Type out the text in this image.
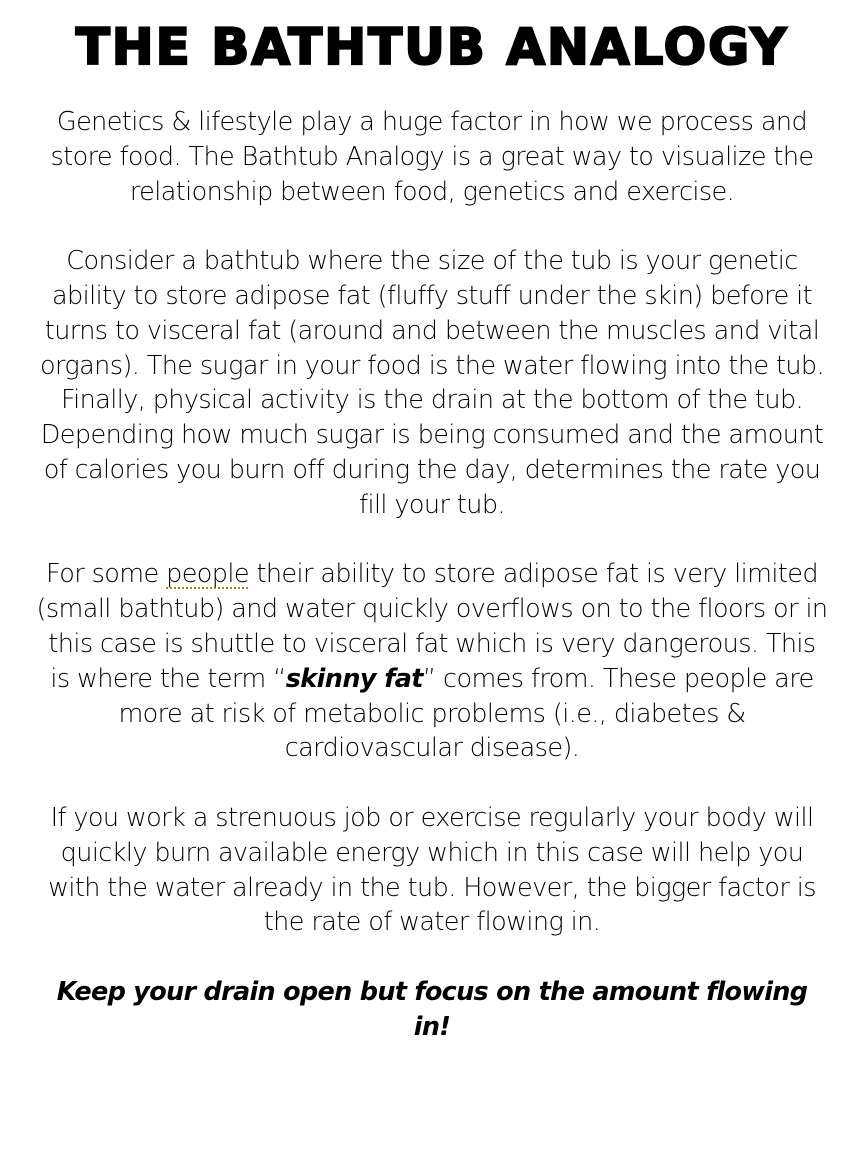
THE BATHTUB ANALOGY

Genetics & lifestyle play a huge factor in how we process and store food. The Bathtub Analogy is a great way to visualize the relationship between food, genetics and exercise.

Consider a bathtub where the size of the tub is your genetic ability to store adipose fat (fluffy stuff under the skin) before it turns to visceral fat (around and between the muscles and vital organs). The sugar in your food is the water flowing into the tub. Finally, physical activity is the drain at the bottom of the tub. Depending how much sugar is being consumed and the amount of calories you burn off during the day, determines the rate you fill your tub.

For some people their ability to store adipose fat is very limited (small bathtub) and water quickly overflows on to the floors or in this case is shuttle to visceral fat which is very dangerous. This is where the term “skinny fat” comes from. These people are more at risk of metabolic problems (i.e., diabetes & cardiovascular disease).

If you work a strenuous job or exercise regularly your body will quickly burn available energy which in this case will help you with the water already in the tub. However, the bigger factor is the rate of water flowing in.

Keep your drain open but focus on the amount flowing in!
